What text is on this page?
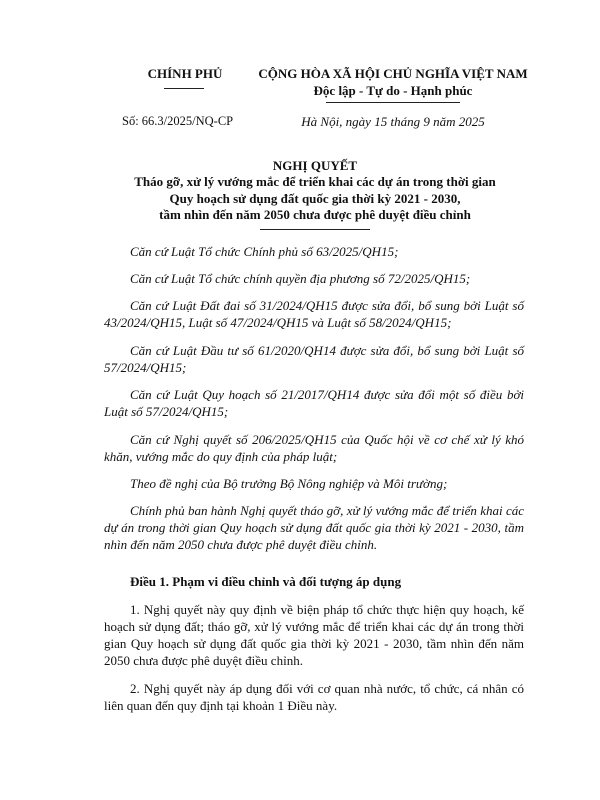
CHÍNH PHỦ	CỘNG HÒA XÃ HỘI CHỦ NGHĨA VIỆT NAM
Độc lập - Tự do - Hạnh phúc
Số: 66.3/2025/NQ-CP	Hà Nội, ngày 15 tháng 9 năm 2025
NGHỊ QUYẾT
Tháo gỡ, xử lý vướng mắc để triển khai các dự án trong thời gian
Quy hoạch sử dụng đất quốc gia thời kỳ 2021 - 2030,
tầm nhìn đến năm 2050 chưa được phê duyệt điều chỉnh
Căn cứ Luật Tổ chức Chính phủ số 63/2025/QH15;
Căn cứ Luật Tổ chức chính quyền địa phương số 72/2025/QH15;
Căn cứ Luật Đất đai số 31/2024/QH15 được sửa đổi, bổ sung bởi Luật số 43/2024/QH15, Luật số 47/2024/QH15 và Luật số 58/2024/QH15;
Căn cứ Luật Đầu tư số 61/2020/QH14 được sửa đổi, bổ sung bởi Luật số 57/2024/QH15;
Căn cứ Luật Quy hoạch số 21/2017/QH14 được sửa đổi một số điều bởi Luật số 57/2024/QH15;
Căn cứ Nghị quyết số 206/2025/QH15 của Quốc hội về cơ chế xử lý khó khăn, vướng mắc do quy định của pháp luật;
Theo đề nghị của Bộ trưởng Bộ Nông nghiệp và Môi trường;
Chính phủ ban hành Nghị quyết tháo gỡ, xử lý vướng mắc để triển khai các dự án trong thời gian Quy hoạch sử dụng đất quốc gia thời kỳ 2021 - 2030, tầm nhìn đến năm 2050 chưa được phê duyệt điều chỉnh.
Điều 1. Phạm vi điều chỉnh và đối tượng áp dụng
1. Nghị quyết này quy định về biện pháp tổ chức thực hiện quy hoạch, kế hoạch sử dụng đất; tháo gỡ, xử lý vướng mắc để triển khai các dự án trong thời gian Quy hoạch sử dụng đất quốc gia thời kỳ 2021 - 2030, tầm nhìn đến năm 2050 chưa được phê duyệt điều chỉnh.
2. Nghị quyết này áp dụng đối với cơ quan nhà nước, tổ chức, cá nhân có liên quan đến quy định tại khoản 1 Điều này.
